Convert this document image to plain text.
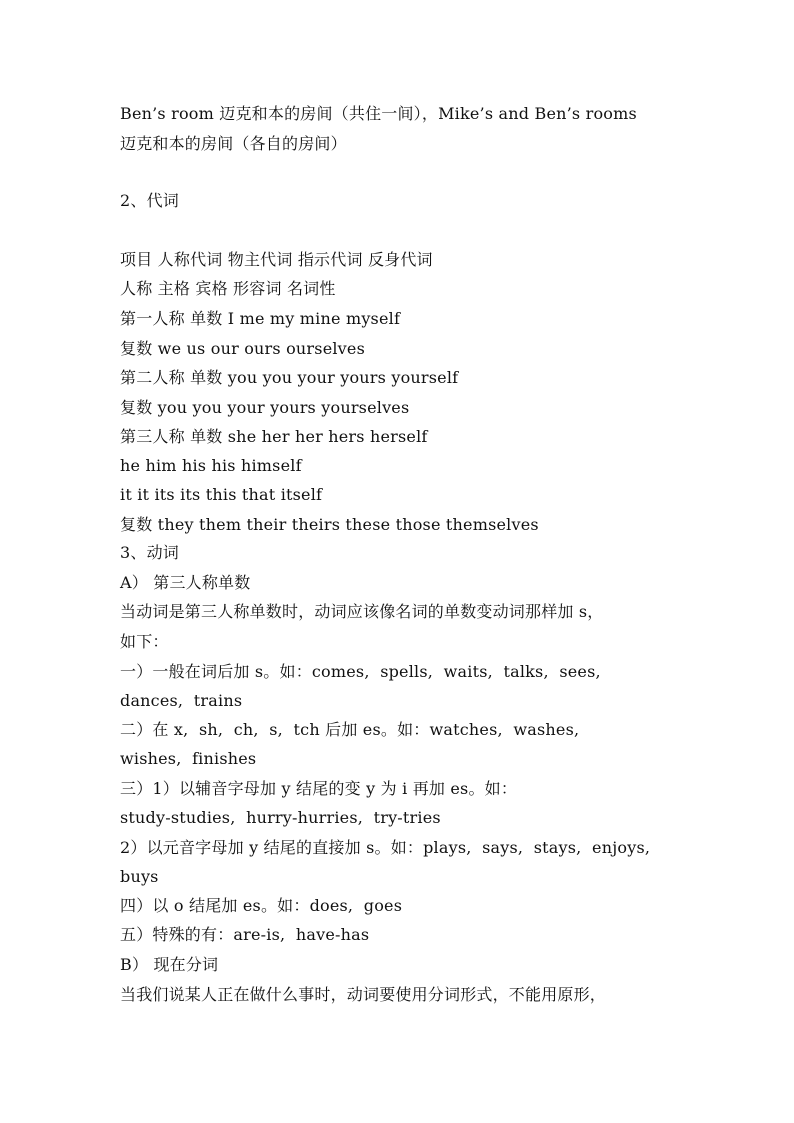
Ben’s room 迈克和本的房间（共住一间），Mike’s and Ben’s rooms
迈克和本的房间（各自的房间）
2、代词
项目 人称代词 物主代词 指示代词 反身代词
人称 主格 宾格 形容词 名词性
第一人称 单数 I me my mine myself
复数 we us our ours ourselves
第二人称 单数 you you your yours yourself
复数 you you your yours yourselves
第三人称 单数 she her her hers herself
he him his his himself
it it its its this that itself
复数 they them their theirs these those themselves
3、动词
A） 第三人称单数
当动词是第三人称单数时，动词应该像名词的单数变动词那样加 s，
如下：
一）一般在词后加 s。如：comes,  spells,  waits,  talks,  sees,
dances,  trains
二）在 x,  sh,  ch,  s,  tch 后加 es。如：watches,  washes,
wishes,  finishes
三）1）以辅音字母加 y 结尾的变 y 为 i 再加 es。如：
study-studies,  hurry-hurries,  try-tries
2）以元音字母加 y 结尾的直接加 s。如：plays,  says,  stays,  enjoys,
buys
四）以 o 结尾加 es。如：does,  goes
五）特殊的有：are-is,  have-has
B） 现在分词
当我们说某人正在做什么事时，动词要使用分词形式，不能用原形，
